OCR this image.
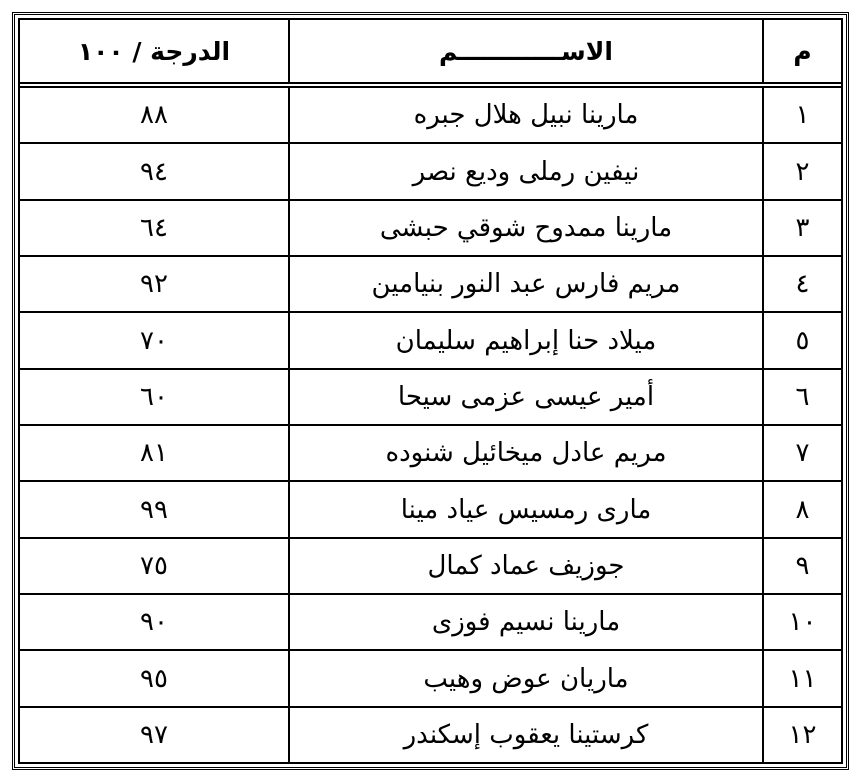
م	الاســــــــــــم	الدرجة / ١٠٠
١	مارينا نبيل هلال جبره	٨٨
٢	نيفين رملى وديع نصر	٩٤
٣	مارينا ممدوح شوقي حبشى	٦٤
٤	مريم فارس عبد النور بنيامين	٩٢
٥	ميلاد حنا إبراهيم سليمان	٧٠
٦	أمير عيسى عزمى سيحا	٦٠
٧	مريم عادل ميخائيل شنوده	٨١
٨	مارى رمسيس عياد مينا	٩٩
٩	جوزيف عماد كمال	٧٥
١٠	مارينا نسيم فوزى	٩٠
١١	ماريان عوض وهيب	٩٥
١٢	كرستينا يعقوب إسكندر	٩٧
